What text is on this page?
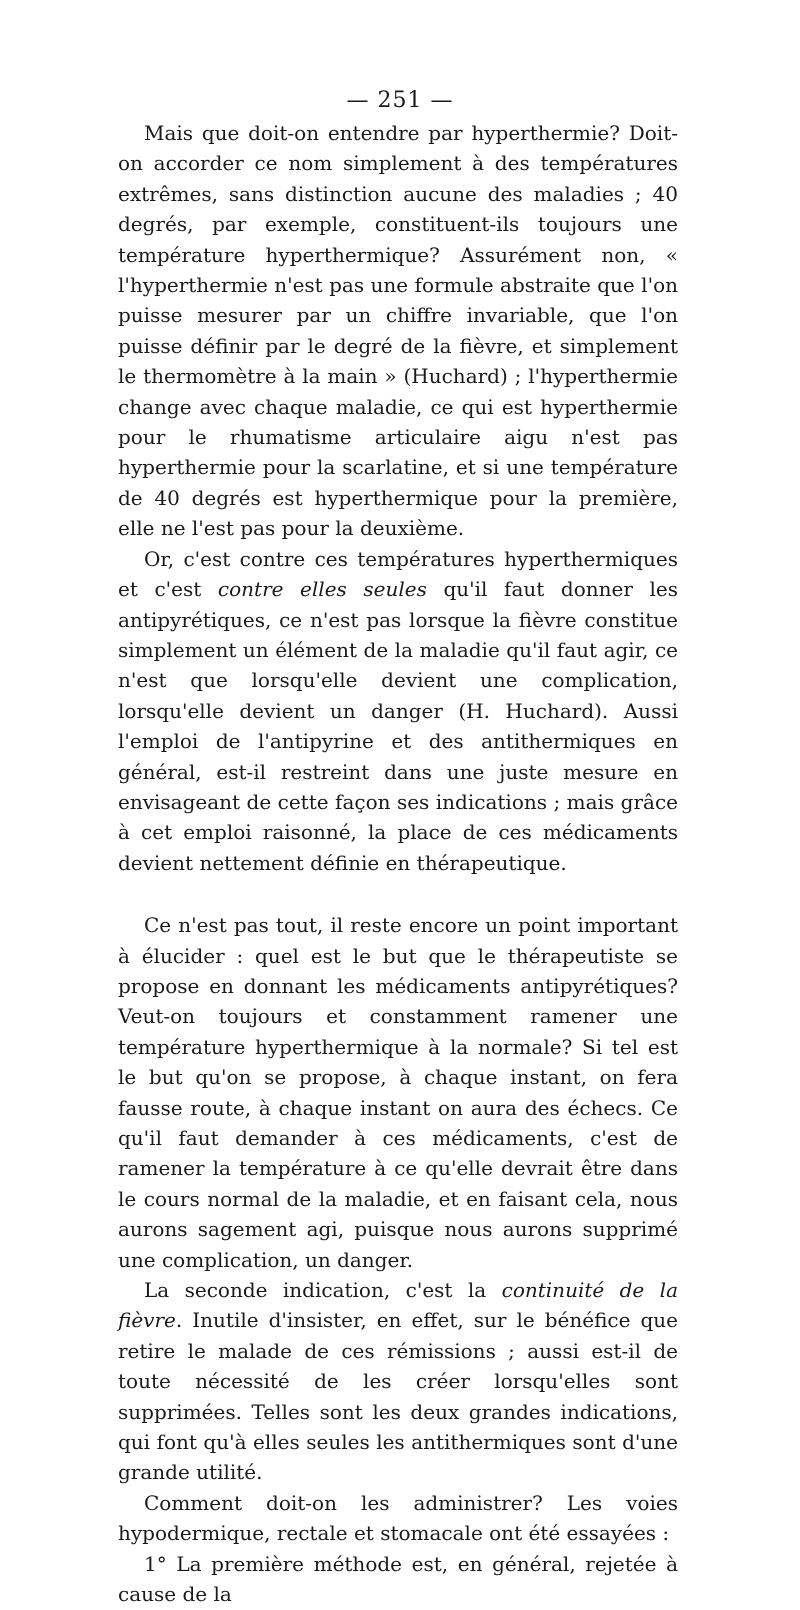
— 251 —

Mais que doit-on entendre par hyperthermie? Doit-on accorder ce nom simplement à des températures extrêmes, sans distinction aucune des maladies ; 40 degrés, par exemple, constituent-ils toujours une température hyperthermique? Assurément non, « l'hyperthermie n'est pas une formule abstraite que l'on puisse mesurer par un chiffre invariable, que l'on puisse définir par le degré de la fièvre, et simplement le thermomètre à la main » (Huchard) ; l'hyperthermie change avec chaque maladie, ce qui est hyperthermie pour le rhumatisme articulaire aigu n'est pas hyperthermie pour la scarlatine, et si une température de 40 degrés est hyperthermique pour la première, elle ne l'est pas pour la deuxième.

Or, c'est contre ces températures hyperthermiques et c'est contre elles seules qu'il faut donner les antipyrétiques, ce n'est pas lorsque la fièvre constitue simplement un élément de la maladie qu'il faut agir, ce n'est que lorsqu'elle devient une complication, lorsqu'elle devient un danger (H. Huchard). Aussi l'emploi de l'antipyrine et des antithermiques en général, est-il restreint dans une juste mesure en envisageant de cette façon ses indications ; mais grâce à cet emploi raisonné, la place de ces médicaments devient nettement définie en thérapeutique.

Ce n'est pas tout, il reste encore un point important à élucider : quel est le but que le thérapeutiste se propose en donnant les médicaments antipyrétiques? Veut-on toujours et constamment ramener une température hyperthermique à la normale? Si tel est le but qu'on se propose, à chaque instant, on fera fausse route, à chaque instant on aura des échecs. Ce qu'il faut demander à ces médicaments, c'est de ramener la température à ce qu'elle devrait être dans le cours normal de la maladie, et en faisant cela, nous aurons sagement agi, puisque nous aurons supprimé une complication, un danger.

La seconde indication, c'est la continuité de la fièvre. Inutile d'insister, en effet, sur le bénéfice que retire le malade de ces rémissions ; aussi est-il de toute nécessité de les créer lorsqu'elles sont supprimées. Telles sont les deux grandes indications, qui font qu'à elles seules les antithermiques sont d'une grande utilité.

Comment doit-on les administrer? Les voies hypodermique, rectale et stomacale ont été essayées :

1° La première méthode est, en général, rejetée à cause de la
